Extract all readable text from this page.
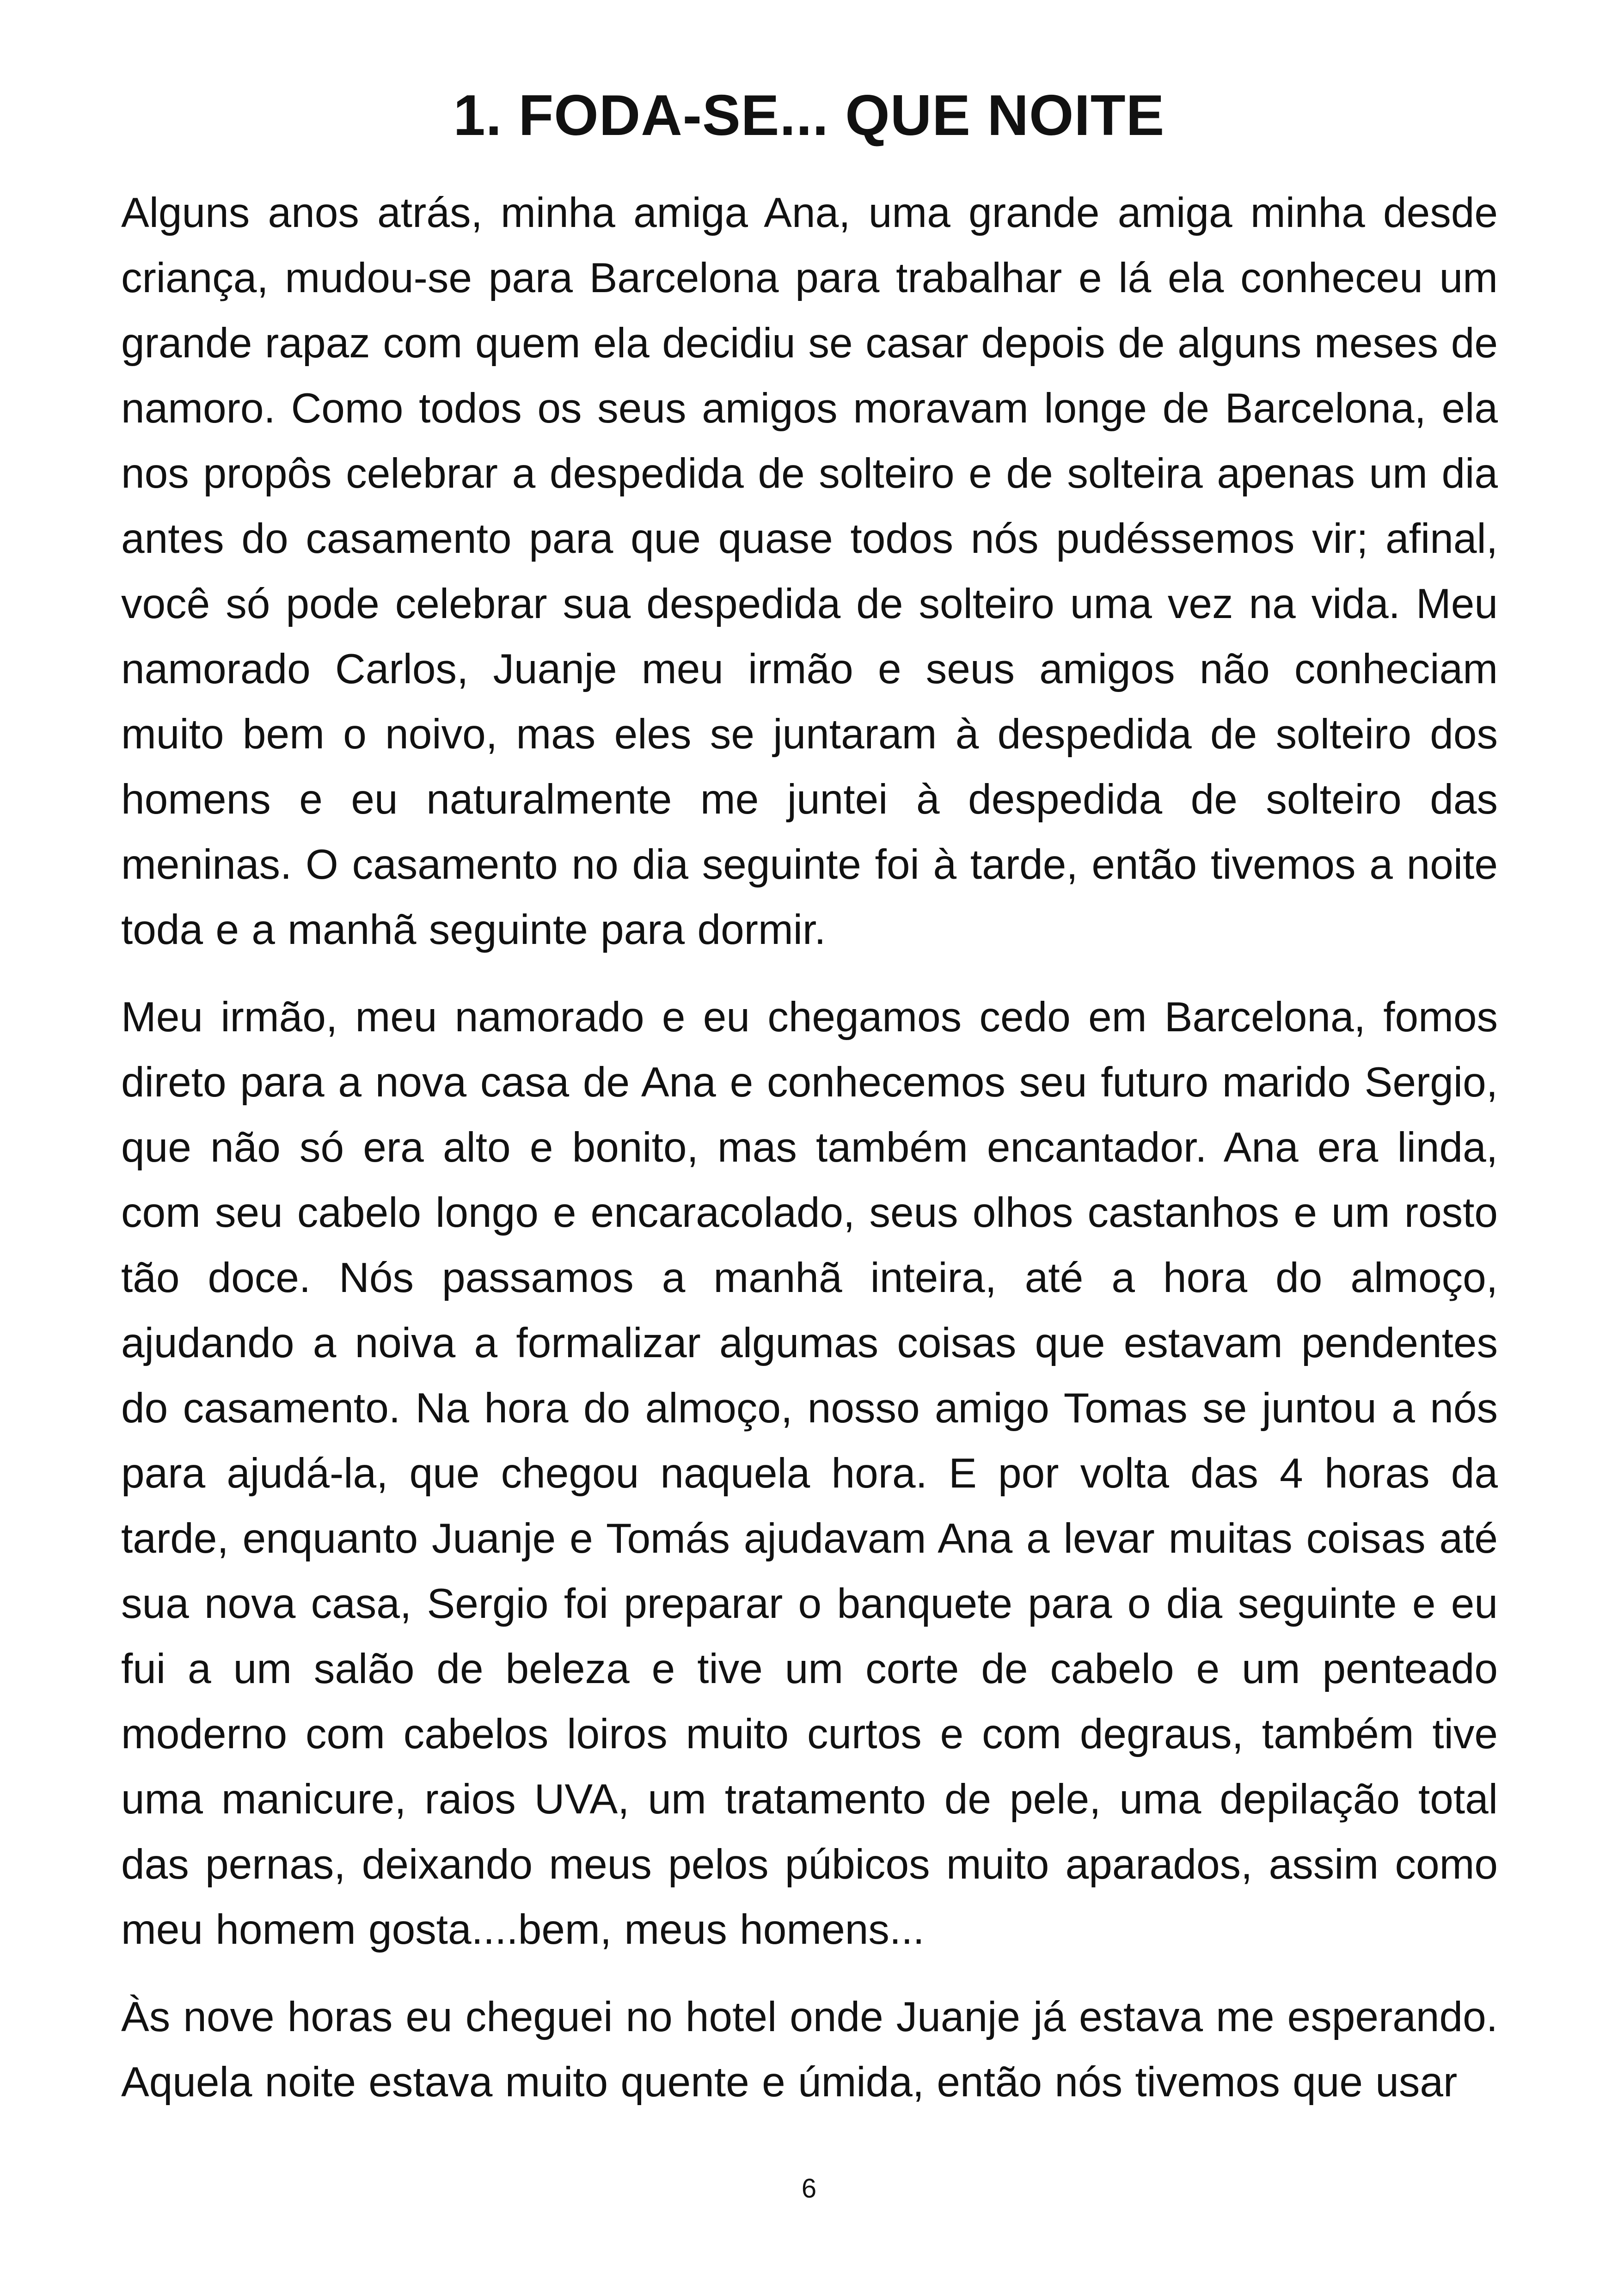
1. FODA-SE... QUE NOITE

Alguns anos atrás, minha amiga Ana, uma grande amiga minha desde criança, mudou-se para Barcelona para trabalhar e lá ela conheceu um grande rapaz com quem ela decidiu se casar depois de alguns meses de namoro. Como todos os seus amigos moravam longe de Barcelona, ela nos propôs celebrar a despedida de solteiro e de solteira apenas um dia antes do casamento para que quase todos nós pudéssemos vir; afinal, você só pode celebrar sua despedida de solteiro uma vez na vida. Meu namorado Carlos, Juanje meu irmão e seus amigos não conheciam muito bem o noivo, mas eles se juntaram à despedida de solteiro dos homens e eu naturalmente me juntei à despedida de solteiro das meninas. O casamento no dia seguinte foi à tarde, então tivemos a noite toda e a manhã seguinte para dormir.

Meu irmão, meu namorado e eu chegamos cedo em Barcelona, fomos direto para a nova casa de Ana e conhecemos seu futuro marido Sergio, que não só era alto e bonito, mas também encantador. Ana era linda, com seu cabelo longo e encaracolado, seus olhos castanhos e um rosto tão doce. Nós passamos a manhã inteira, até a hora do almoço, ajudando a noiva a formalizar algumas coisas que estavam pendentes do casamento. Na hora do almoço, nosso amigo Tomas se juntou a nós para ajudá-la, que chegou naquela hora. E por volta das 4 horas da tarde, enquanto Juanje e Tomás ajudavam Ana a levar muitas coisas até sua nova casa, Sergio foi preparar o banquete para o dia seguinte e eu fui a um salão de beleza e tive um corte de cabelo e um penteado moderno com cabelos loiros muito curtos e com degraus, também tive uma manicure, raios UVA, um tratamento de pele, uma depilação total das pernas, deixando meus pelos púbicos muito aparados, assim como meu homem gosta....bem, meus homens...

Às nove horas eu cheguei no hotel onde Juanje já estava me esperando. Aquela noite estava muito quente e úmida, então nós tivemos que usar

6
